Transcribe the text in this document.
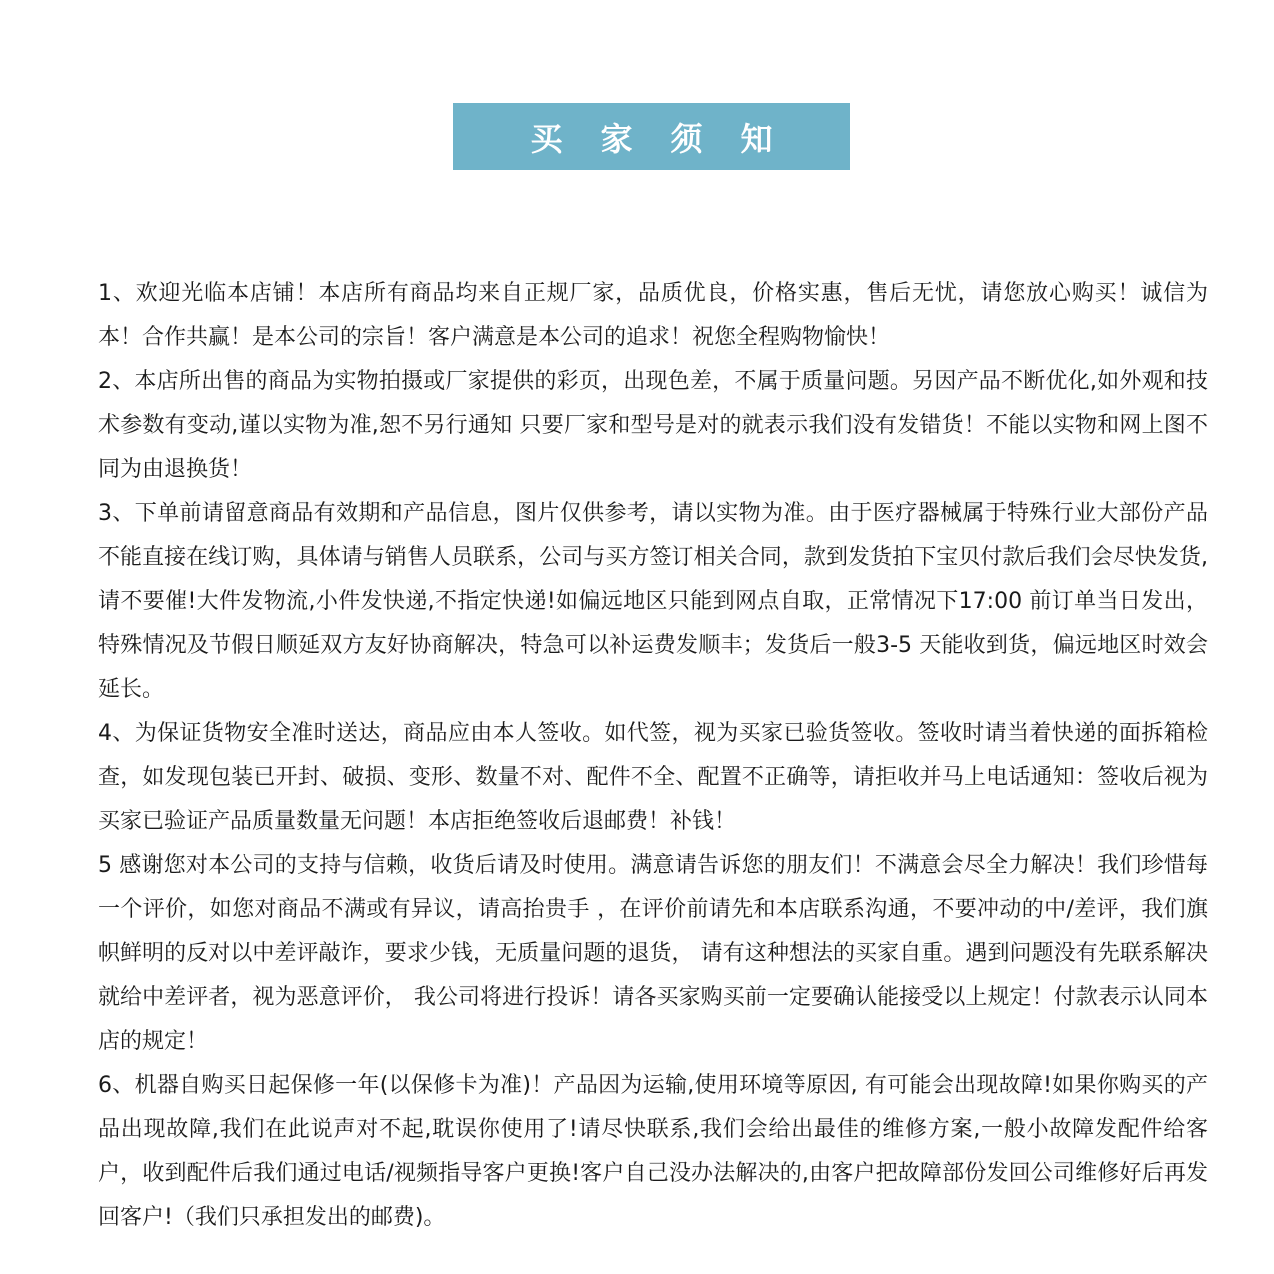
买家须知

1、欢迎光临本店铺！本店所有商品均来自正规厂家，品质优良，价格实惠，售后无忧，请您放心购买！诚信为本！合作共赢！是本公司的宗旨！客户满意是本公司的追求！祝您全程购物愉快！

2、本店所出售的商品为实物拍摄或厂家提供的彩页，出现色差，不属于质量问题。另因产品不断优化,如外观和技术参数有变动,谨以实物为准,恕不另行通知 只要厂家和型号是对的就表示我们没有发错货！不能以实物和网上图不同为由退换货！

3、下单前请留意商品有效期和产品信息，图片仅供参考，请以实物为准。由于医疗器械属于特殊行业大部份产品不能直接在线订购，具体请与销售人员联系，公司与买方签订相关合同，款到发货拍下宝贝付款后我们会尽快发货,请不要催!大件发物流,小件发快递,不指定快递!如偏远地区只能到网点自取，正常情况下17:00 前订单当日发出，特殊情况及节假日顺延双方友好协商解决，特急可以补运费发顺丰；发货后一般3-5 天能收到货，偏远地区时效会延长。

4、为保证货物安全准时送达，商品应由本人签收。如代签，视为买家已验货签收。签收时请当着快递的面拆箱检查，如发现包装已开封、破损、变形、数量不对、配件不全、配置不正确等，请拒收并马上电话通知：签收后视为买家已验证产品质量数量无问题！本店拒绝签收后退邮费！补钱！

5 感谢您对本公司的支持与信赖，收货后请及时使用。满意请告诉您的朋友们！不满意会尽全力解决！我们珍惜每一个评价，如您对商品不满或有异议，请高抬贵手 ，在评价前请先和本店联系沟通，不要冲动的中/差评，我们旗帜鲜明的反对以中差评敲诈，要求少钱，无质量问题的退货， 请有这种想法的买家自重。遇到问题没有先联系解决就给中差评者，视为恶意评价， 我公司将进行投诉！请各买家购买前一定要确认能接受以上规定！付款表示认同本店的规定！

6、机器自购买日起保修一年(以保修卡为准)！产品因为运输,使用环境等原因, 有可能会出现故障!如果你购买的产品出现故障,我们在此说声对不起,耽误你使用了!请尽快联系,我们会给出最佳的维修方案,一般小故障发配件给客户，收到配件后我们通过电话/视频指导客户更换!客户自己没办法解决的,由客户把故障部份发回公司维修好后再发回客户!（我们只承担发出的邮费)。
